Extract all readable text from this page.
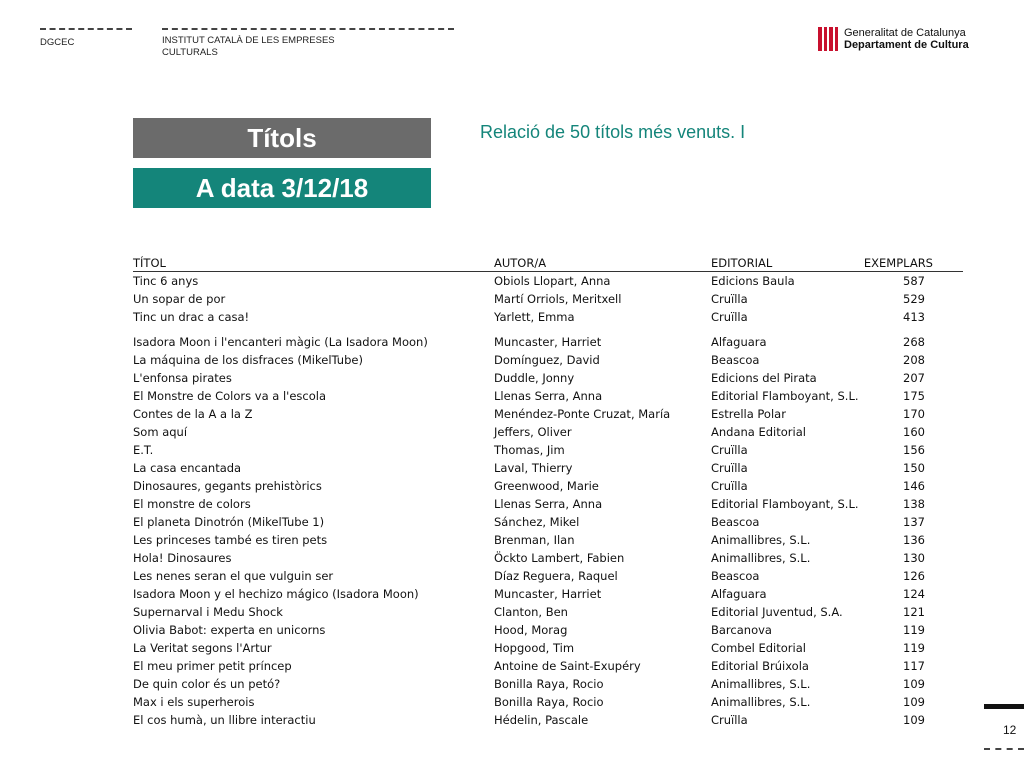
DGCEC	INSTITUT CATALÀ DE LES EMPRESES
CULTURALS
Generalitat de Catalunya
Departament de Cultura
Títols
A data 3/12/18
Relació de 50 títols més venuts. I
TÍTOL	AUTOR/A	EDITORIAL	EXEMPLARS
Tinc 6 anys	Obiols Llopart, Anna	Edicions Baula	587
Un sopar de por	Martí Orriols, Meritxell	Cruïlla	529
Tinc un drac a casa!	Yarlett, Emma	Cruïlla	413
Isadora Moon i l'encanteri màgic (La Isadora Moon)	Muncaster, Harriet	Alfaguara	268
La máquina de los disfraces (MikelTube)	Domínguez, David	Beascoa	208
L'enfonsa pirates	Duddle, Jonny	Edicions del Pirata	207
El Monstre de Colors va a l'escola	Llenas Serra, Anna	Editorial Flamboyant, S.L.	175
Contes de la A a la Z	Menéndez-Ponte Cruzat, María	Estrella Polar	170
Som aquí	Jeffers, Oliver	Andana Editorial	160
E.T.	Thomas, Jim	Cruïlla	156
La casa encantada	Laval, Thierry	Cruïlla	150
Dinosaures, gegants prehistòrics	Greenwood, Marie	Cruïlla	146
El monstre de colors	Llenas Serra, Anna	Editorial Flamboyant, S.L.	138
El planeta Dinotrón (MikelTube 1)	Sánchez, Mikel	Beascoa	137
Les princeses també es tiren pets	Brenman, Ilan	Animallibres, S.L.	136
Hola! Dinosaures	Öckto Lambert, Fabien	Animallibres, S.L.	130
Les nenes seran el que vulguin ser	Díaz Reguera, Raquel	Beascoa	126
Isadora Moon y el hechizo mágico (Isadora Moon)	Muncaster, Harriet	Alfaguara	124
Supernarval i Medu Shock	Clanton, Ben	Editorial Juventud, S.A.	121
Olivia Babot: experta en unicorns	Hood, Morag	Barcanova	119
La Veritat segons l'Artur	Hopgood, Tim	Combel Editorial	119
El meu primer petit príncep	Antoine de Saint-Exupéry	Editorial Brúixola	117
De quin color és un petó?	Bonilla Raya, Rocio	Animallibres, S.L.	109
Max i els superherois	Bonilla Raya, Rocio	Animallibres, S.L.	109
El cos humà, un llibre interactiu	Hédelin, Pascale	Cruïlla	109
12
